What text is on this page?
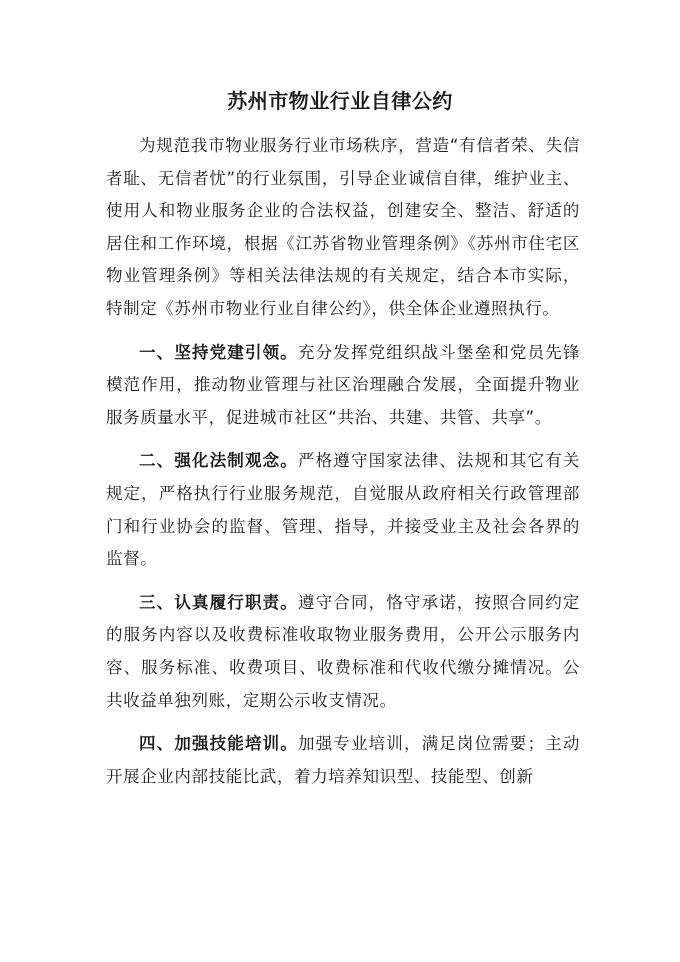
苏州市物业行业自律公约

为规范我市物业服务行业市场秩序，营造“有信者荣、失信者耻、无信者忧”的行业氛围，引导企业诚信自律，维护业主、使用人和物业服务企业的合法权益，创建安全、整洁、舒适的居住和工作环境，根据《江苏省物业管理条例》《苏州市住宅区物业管理条例》等相关法律法规的有关规定，结合本市实际，特制定《苏州市物业行业自律公约》，供全体企业遵照执行。

一、坚持党建引领。充分发挥党组织战斗堡垒和党员先锋模范作用，推动物业管理与社区治理融合发展，全面提升物业服务质量水平，促进城市社区“共治、共建、共管、共享”。

二、强化法制观念。严格遵守国家法律、法规和其它有关规定，严格执行行业服务规范，自觉服从政府相关行政管理部门和行业协会的监督、管理、指导，并接受业主及社会各界的监督。

三、认真履行职责。遵守合同，恪守承诺，按照合同约定的服务内容以及收费标准收取物业服务费用，公开公示服务内容、服务标准、收费项目、收费标准和代收代缴分摊情况。公共收益单独列账，定期公示收支情况。

四、加强技能培训。加强专业培训，满足岗位需要；主动开展企业内部技能比武，着力培养知识型、技能型、创新
